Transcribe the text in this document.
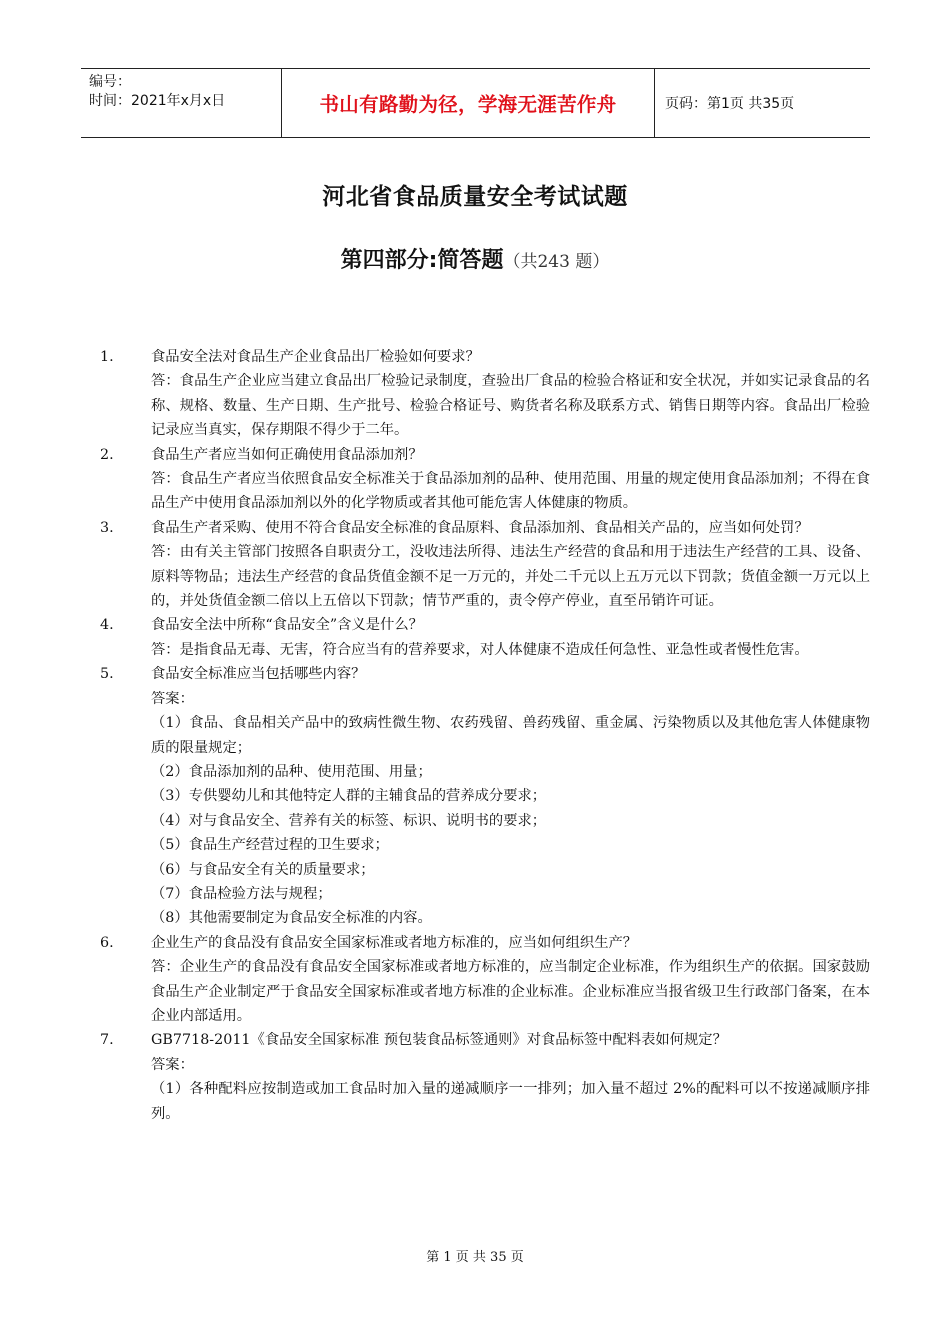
编号：
时间：2021年x月x日	书山有路勤为径，学海无涯苦作舟	页码：第1页 共35页
河北省食品质量安全考试试题
第四部分:简答题（共243 题）
1.	食品安全法对食品生产企业食品出厂检验如何要求？

答：食品生产企业应当建立食品出厂检验记录制度，查验出厂食品的检验合格证和安全状况，并如实记录食品的名称、规格、数量、生产日期、生产批号、检验合格证号、购货者名称及联系方式、销售日期等内容。食品出厂检验记录应当真实，保存期限不得少于二年。

2.	食品生产者应当如何正确使用食品添加剂？

答：食品生产者应当依照食品安全标准关于食品添加剂的品种、使用范围、用量的规定使用食品添加剂；不得在食品生产中使用食品添加剂以外的化学物质或者其他可能危害人体健康的物质。

3.	食品生产者采购、使用不符合食品安全标准的食品原料、食品添加剂、食品相关产品的，应当如何处罚？

答：由有关主管部门按照各自职责分工，没收违法所得、违法生产经营的食品和用于违法生产经营的工具、设备、原料等物品；违法生产经营的食品货值金额不足一万元的，并处二千元以上五万元以下罚款；货值金额一万元以上的，并处货值金额二倍以上五倍以下罚款；情节严重的，责令停产停业，直至吊销许可证。

4.	食品安全法中所称“食品安全”含义是什么？

答：是指食品无毒、无害，符合应当有的营养要求，对人体健康不造成任何急性、亚急性或者慢性危害。

5.	食品安全标准应当包括哪些内容？

答案：

（1）食品、食品相关产品中的致病性微生物、农药残留、兽药残留、重金属、污染物质以及其他危害人体健康物质的限量规定；

（2）食品添加剂的品种、使用范围、用量；

（3）专供婴幼儿和其他特定人群的主辅食品的营养成分要求；

（4）对与食品安全、营养有关的标签、标识、说明书的要求；

（5）食品生产经营过程的卫生要求；

（6）与食品安全有关的质量要求；

（7）食品检验方法与规程；

（8）其他需要制定为食品安全标准的内容。

6.	企业生产的食品没有食品安全国家标准或者地方标准的，应当如何组织生产？

答：企业生产的食品没有食品安全国家标准或者地方标准的，应当制定企业标准，作为组织生产的依据。国家鼓励食品生产企业制定严于食品安全国家标准或者地方标准的企业标准。企业标准应当报省级卫生行政部门备案，在本企业内部适用。

7.	GB7718-2011《食品安全国家标准 预包装食品标签通则》对食品标签中配料表如何规定？

答案：

（1）各种配料应按制造或加工食品时加入量的递减顺序一一排列；加入量不超过 2%的配料可以不按递减顺序排列。

第 1 页 共 35 页
